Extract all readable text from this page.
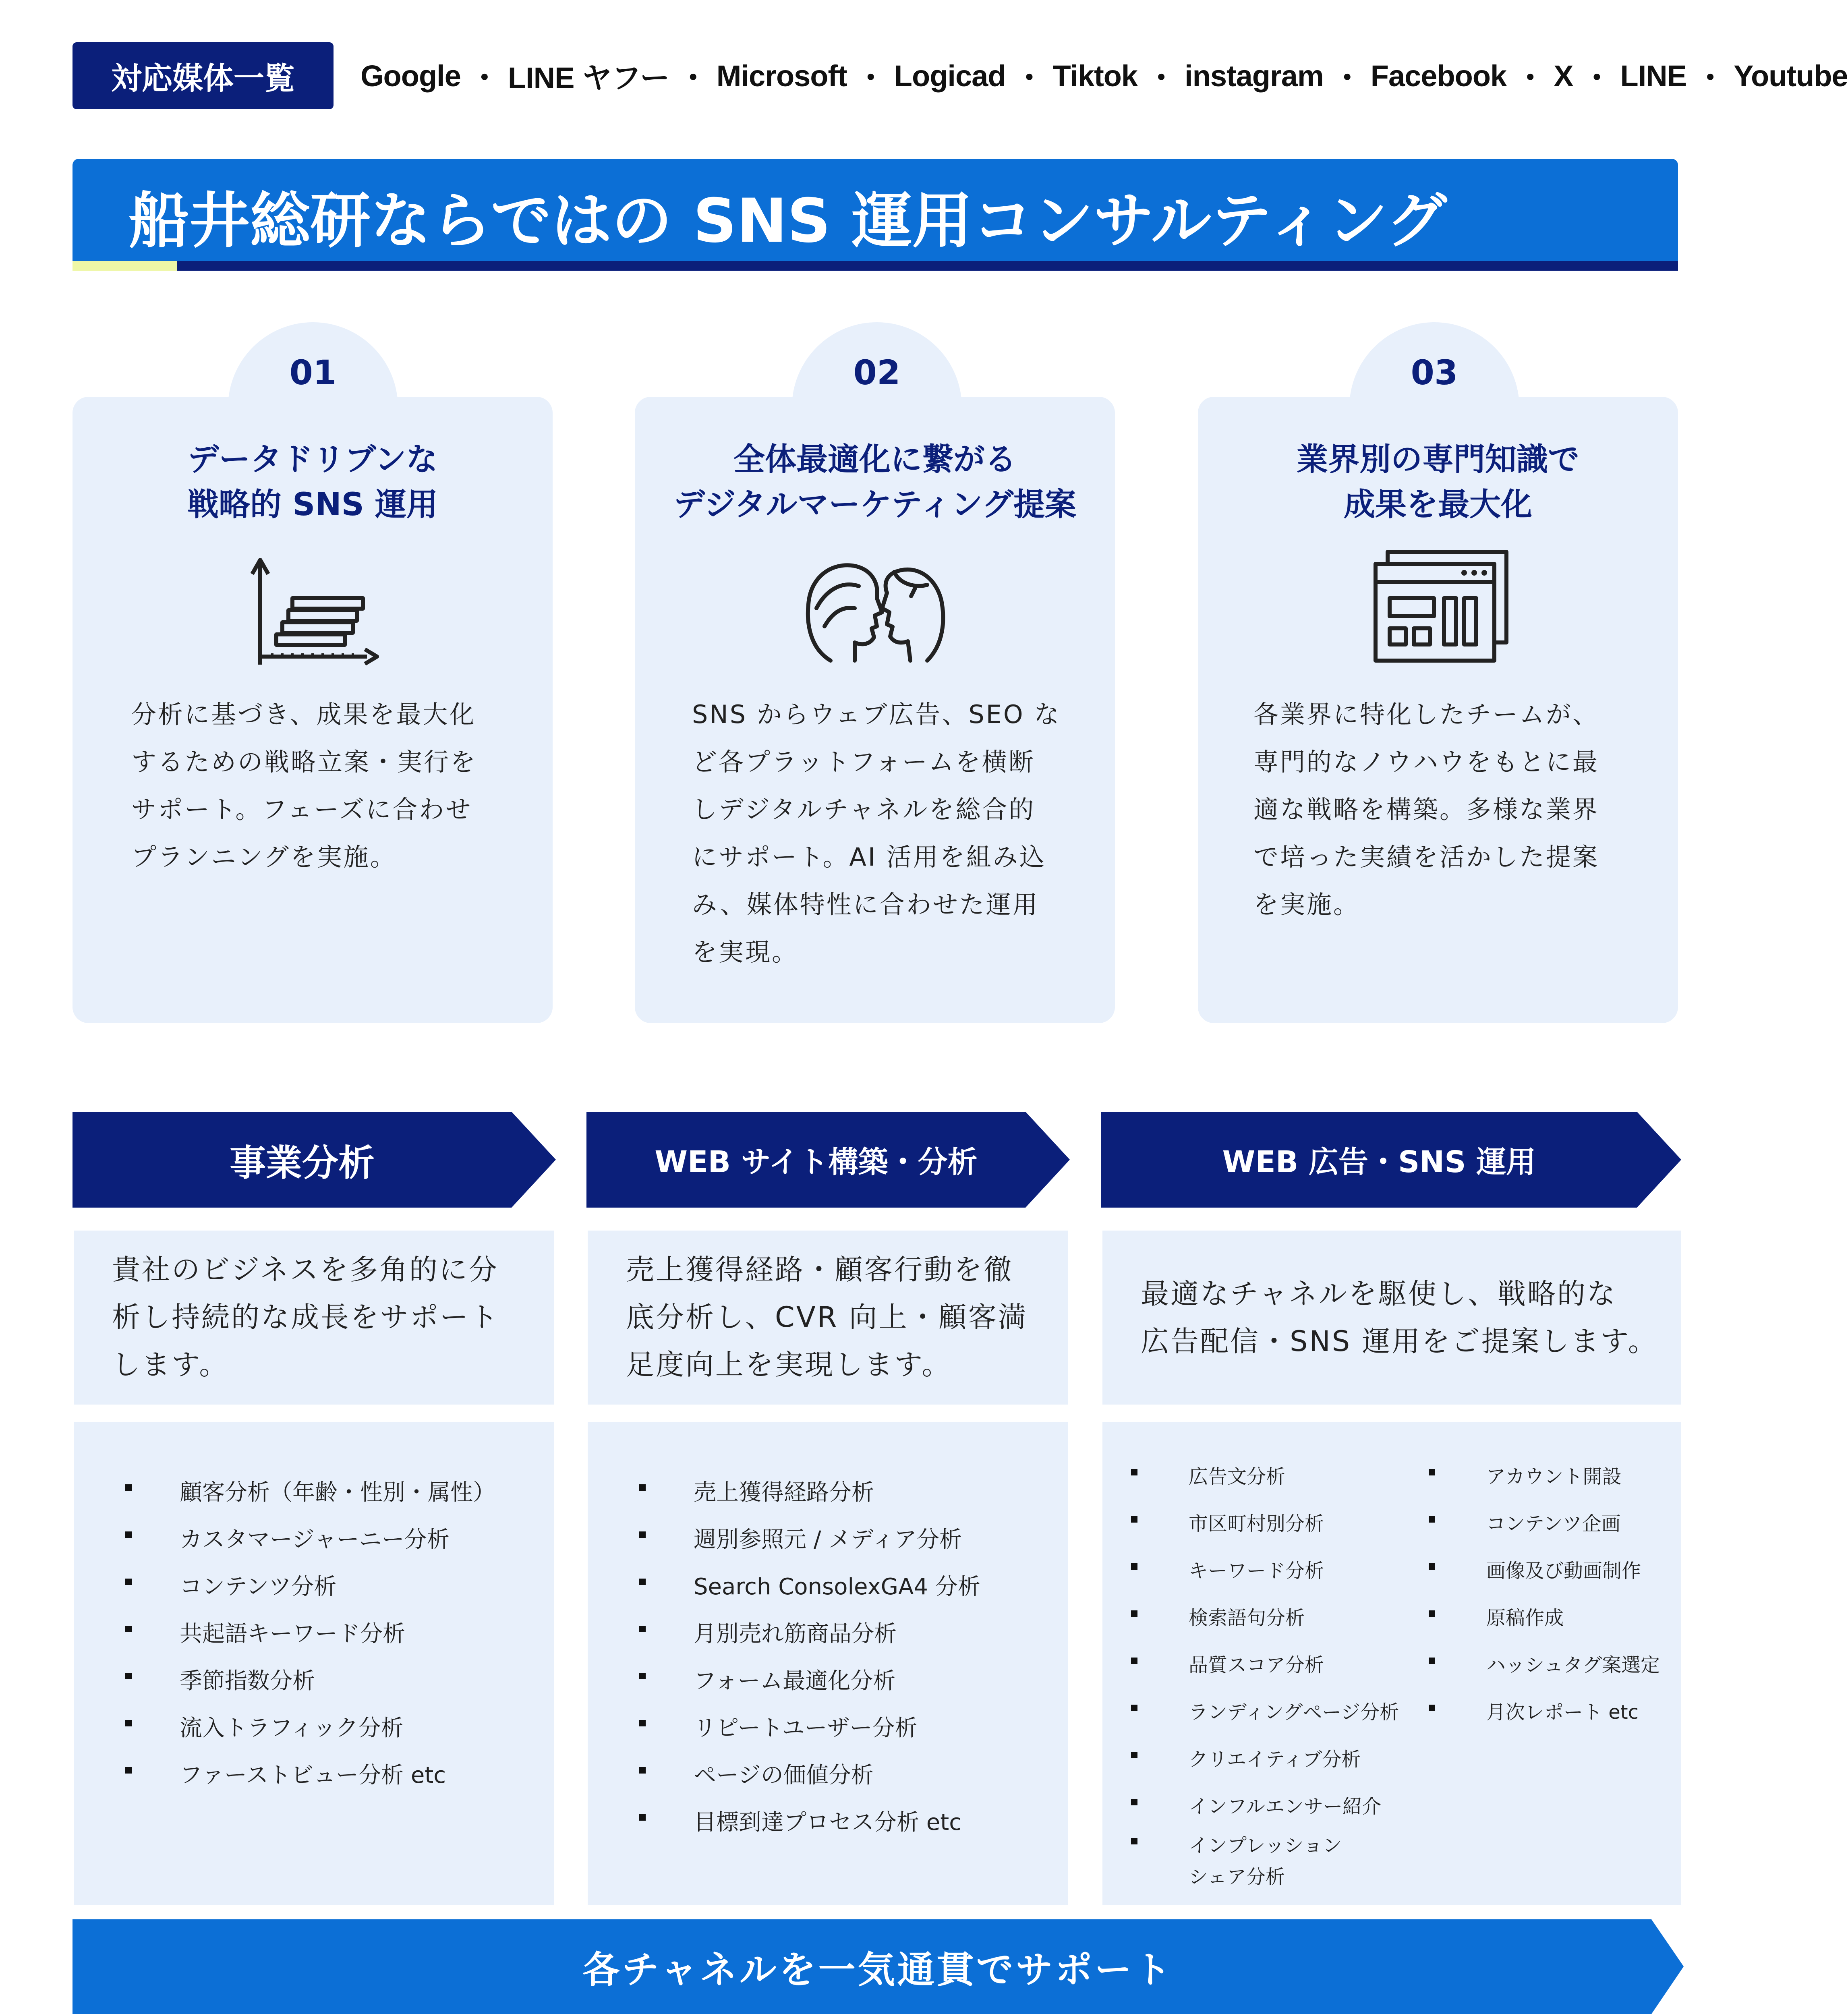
対応媒体一覧	Google ・ LINE ヤフー ・ Microsoft ・ Logicad ・ Tiktok ・ instagram ・ Facebook ・ X ・ LINE ・ Youtube
船井総研ならではの SNS 運用コンサルティング
01
データドリブンな
戦略的 SNS 運用
分析に基づき、成果を最大化
するための戦略立案・実行を
サポート。フェーズに合わせ
プランニングを実施。
02
全体最適化に繋がる
デジタルマーケティング提案
SNS からウェブ広告、SEO な
ど各プラットフォームを横断
しデジタルチャネルを総合的
にサポート。AI 活用を組み込
み、媒体特性に合わせた運用
を実現。
03
業界別の専門知識で
成果を最大化
各業界に特化したチームが、
専門的なノウハウをもとに最
適な戦略を構築。多様な業界
で培った実績を活かした提案
を実施。
事業分析	WEB サイト構築・分析	WEB 広告・SNS 運用
貴社のビジネスを多角的に分
析し持続的な成長をサポート
します。
売上獲得経路・顧客行動を徹
底分析し、CVR 向上・顧客満
足度向上を実現します。
最適なチャネルを駆使し、戦略的な
広告配信・SNS 運用をご提案します。
顧客分析（年齢・性別・属性）
カスタマージャーニー分析
コンテンツ分析
共起語キーワード分析
季節指数分析
流入トラフィック分析
ファーストビュー分析 etc
売上獲得経路分析
週別参照元 / メディア分析
Search ConsolexGA4 分析
月別売れ筋商品分析
フォーム最適化分析
リピートユーザー分析
ページの価値分析
目標到達プロセス分析 etc
広告文分析
市区町村別分析
キーワード分析
検索語句分析
品質スコア分析
ランディングページ分析
クリエイティブ分析
インフルエンサー紹介
インプレッション
シェア分析
アカウント開設
コンテンツ企画
画像及び動画制作
原稿作成
ハッシュタグ案選定
月次レポート etc
各チャネルを一気通貫でサポート
